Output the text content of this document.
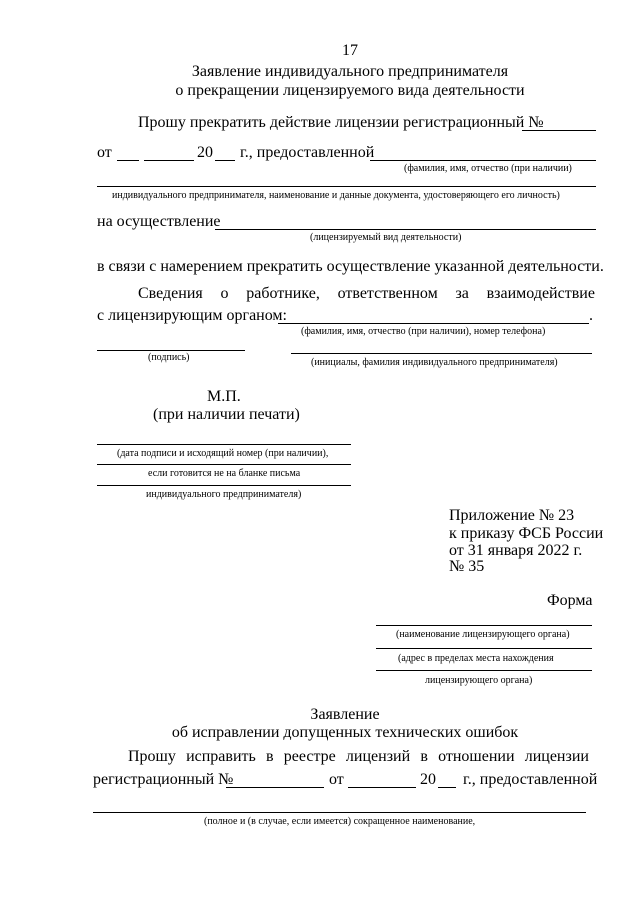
17
Заявление индивидуального предпринимателя
о прекращении лицензируемого вида деятельности
Прошу прекратить действие лицензии регистрационный №
от	20 г., предоставленной
(фамилия, имя, отчество (при наличии)
индивидуального предпринимателя, наименование и данные документа, удостоверяющего его личность)
на осуществление
(лицензируемый вид деятельности)
в связи с намерением прекратить осуществление указанной деятельности.
Сведения о работнике, ответственном за взаимодействие
с лицензирующим органом:	.
(фамилия, имя, отчество (при наличии), номер телефона)
(подпись)	(инициалы, фамилия индивидуального предпринимателя)
М.П.
(при наличии печати)
(дата подписи и исходящий номер (при наличии),
если готовится не на бланке письма
индивидуального предпринимателя)
Приложение № 23
к приказу ФСБ России
от 31 января 2022 г.
№ 35
Форма
(наименование лицензирующего органа)
(адрес в пределах места нахождения
лицензирующего органа)
Заявление
об исправлении допущенных технических ошибок
Прошу исправить в реестре лицензий в отношении лицензии
регистрационный №	от	20 г., предоставленной
(полное и (в случае, если имеется) сокращенное наименование,
